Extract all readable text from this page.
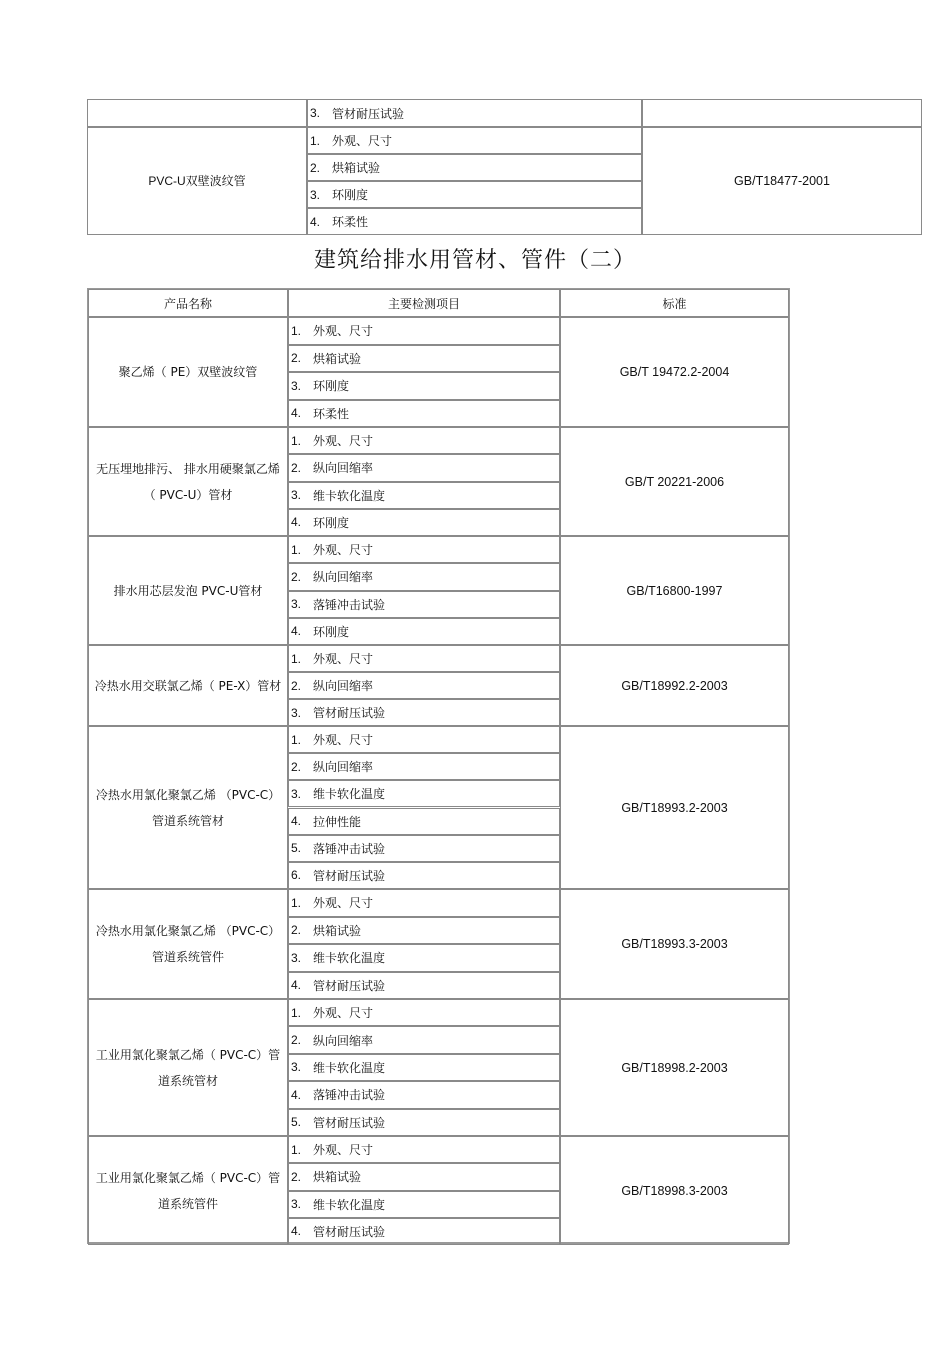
3. 管材耐压试验
PVC-U双壁波纹管
1. 外观、尺寸
2. 烘箱试验
3. 环刚度
4. 环柔性
GB/T18477-2001
建筑给排水用管材、管件（二）
产品名称	主要检测项目	标准
聚乙烯（ PE）双壁波纹管
1. 外观、尺寸
2. 烘箱试验
3. 环刚度
4. 环柔性
GB/T 19472.2-2004
无压埋地排污、 排水用硬聚氯乙烯（ PVC-U）管材
1. 外观、尺寸
2. 纵向回缩率
3. 维卡软化温度
4. 环刚度
GB/T 20221-2006
排水用芯层发泡 PVC-U管材
1. 外观、尺寸
2. 纵向回缩率
3. 落锤冲击试验
4. 环刚度
GB/T16800-1997
冷热水用交联氯乙烯（ PE-X）管材
1. 外观、尺寸
2. 纵向回缩率
3. 管材耐压试验
GB/T18992.2-2003
冷热水用氯化聚氯乙烯 （PVC-C）管道系统管材
1. 外观、尺寸
2. 纵向回缩率
3. 维卡软化温度
4. 拉伸性能
5. 落锤冲击试验
6. 管材耐压试验
GB/T18993.2-2003
冷热水用氯化聚氯乙烯 （PVC-C）管道系统管件
1. 外观、尺寸
2. 烘箱试验
3. 维卡软化温度
4. 管材耐压试验
GB/T18993.3-2003
工业用氯化聚氯乙烯（ PVC-C）管道系统管材
1. 外观、尺寸
2. 纵向回缩率
3. 维卡软化温度
4. 落锤冲击试验
5. 管材耐压试验
GB/T18998.2-2003
工业用氯化聚氯乙烯（ PVC-C）管道系统管件
1. 外观、尺寸
2. 烘箱试验
3. 维卡软化温度
4. 管材耐压试验
GB/T18998.3-2003
